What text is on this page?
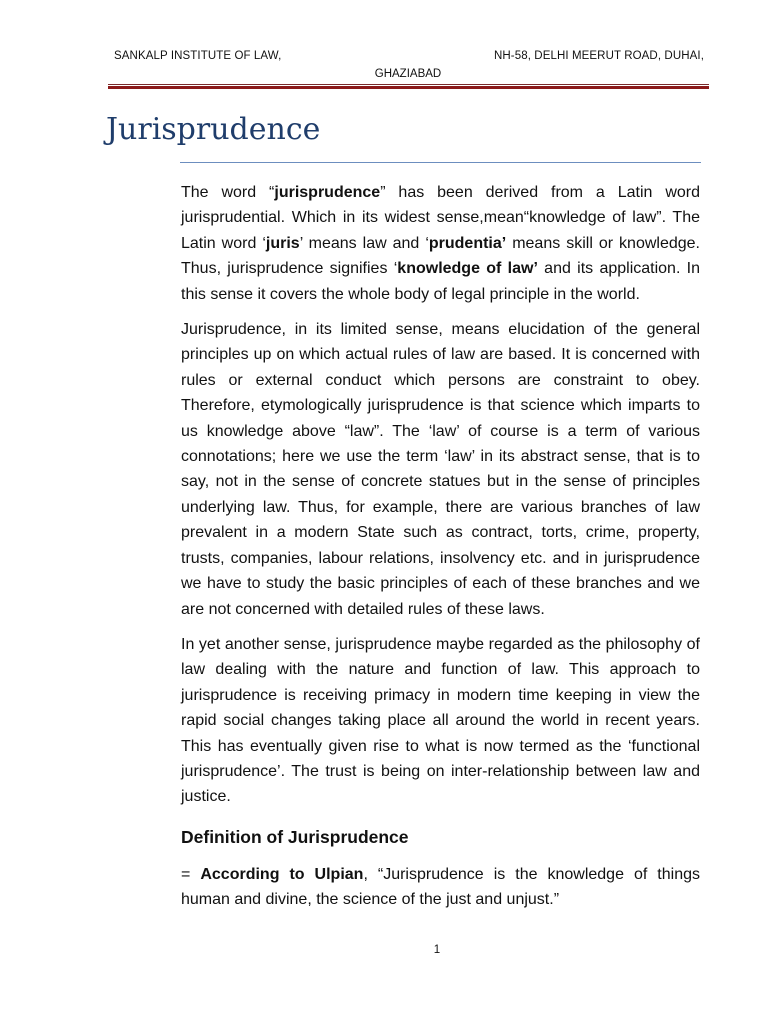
SANKALP INSTITUTE OF LAW,	NH-58, DELHI MEERUT ROAD, DUHAI,
GHAZIABAD
Jurisprudence

The word “jurisprudence” has been derived from a Latin word jurisprudential. Which in its widest sense,mean“knowledge of law”. The Latin word ‘juris’ means law and ‘prudentia’ means skill or knowledge. Thus, jurisprudence signifies ‘knowledge of law’ and its application. In this sense it covers the whole body of legal principle in the world.

Jurisprudence, in its limited sense, means elucidation of the general principles up on which actual rules of law are based. It is concerned with rules or external conduct which persons are constraint to obey. Therefore, etymologically jurisprudence is that science which imparts to us knowledge above “law”. The ‘law’ of course is a term of various connotations; here we use the term ‘law’ in its abstract sense, that is to say, not in the sense of concrete statues but in the sense of principles underlying law. Thus, for example, there are various branches of law prevalent in a modern State such as contract, torts, crime, property, trusts, companies, labour relations, insolvency etc. and in jurisprudence we have to study the basic principles of each of these branches and we are not concerned with detailed rules of these laws.

In yet another sense, jurisprudence maybe regarded as the philosophy of law dealing with the nature and function of law. This approach to jurisprudence is receiving primacy in modern time keeping in view the rapid social changes taking place all around the world in recent years. This has eventually given rise to what is now termed as the ‘functional jurisprudence’. The trust is being on inter-relationship between law and justice.

Definition of Jurisprudence

= According to Ulpian, “Jurisprudence is the knowledge of things human and divine, the science of the just and unjust.”

1
